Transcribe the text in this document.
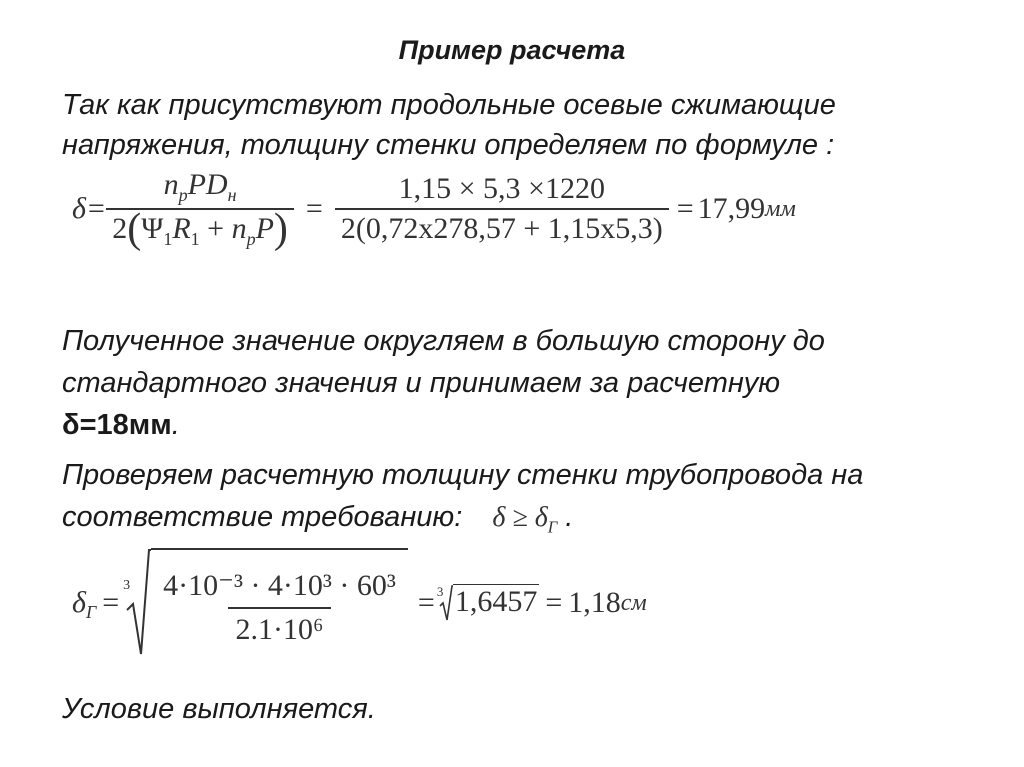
Пример расчета

Так как присутствуют продольные осевые сжимающие

напряжения, толщину стенки определяем по формуле :

$\delta= \frac{n_pPD_н}{2(\Psi_1R_1 + n_pP)} = \frac{1,15 \times 5,3 \times 1220}{2(0,72x278,57 + 1,15x5,3)} = 17,99$ мм

Полученное значение округляем в большую сторону до

стандартного значения и принимаем за расчетную

δ=18мм.

Проверяем расчетную толщину стенки трубопровода на

соответствие требованию: $\delta \ge \delta_Г$ .

$\delta_Г$ =
$3 \frac{\text{4·10⁻³ · 4·10³ · 60³}}{\text{2.1·10⁶}} = 3$ 1,6457 = 1,18 см

Условие выполняется.
